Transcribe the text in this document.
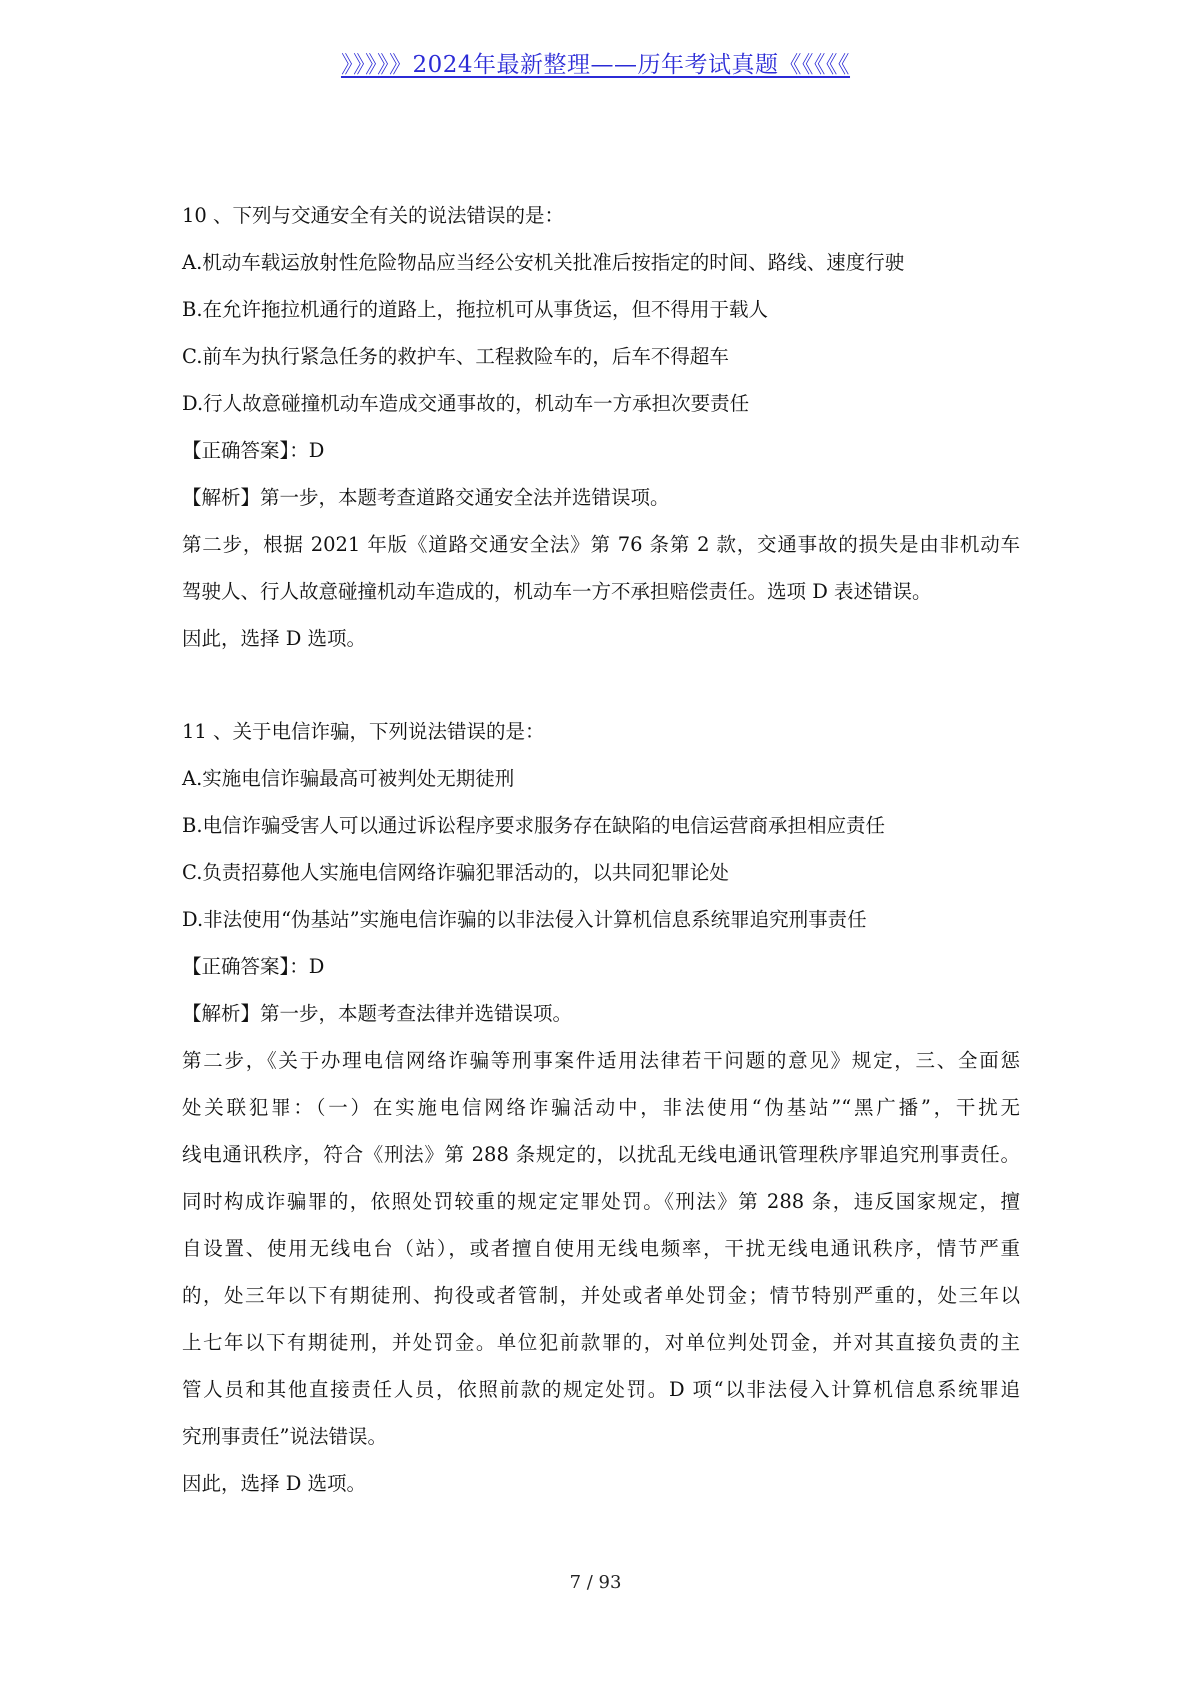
》》》》》2024年最新整理——历年考试真题《《《《《
10 、下列与交通安全有关的说法错误的是：
A.机动车载运放射性危险物品应当经公安机关批准后按指定的时间、路线、速度行驶
B.在允许拖拉机通行的道路上，拖拉机可从事货运，但不得用于载人
C.前车为执行紧急任务的救护车、工程救险车的，后车不得超车
D.行人故意碰撞机动车造成交通事故的，机动车一方承担次要责任
【正确答案】：D
【解析】第一步，本题考查道路交通安全法并选错误项。
第二步，根据 2021 年版《道路交通安全法》第 76 条第 2 款，交通事故的损失是由非机动车
驾驶人、行人故意碰撞机动车造成的，机动车一方不承担赔偿责任。选项 D 表述错误。
因此，选择 D 选项。
11 、关于电信诈骗，下列说法错误的是：
A.实施电信诈骗最高可被判处无期徒刑
B.电信诈骗受害人可以通过诉讼程序要求服务存在缺陷的电信运营商承担相应责任
C.负责招募他人实施电信网络诈骗犯罪活动的，以共同犯罪论处
D.非法使用“伪基站”实施电信诈骗的以非法侵入计算机信息系统罪追究刑事责任
【正确答案】：D
【解析】第一步，本题考查法律并选错误项。
第二步，《关于办理电信网络诈骗等刑事案件适用法律若干问题的意见》规定，三、全面惩
处关联犯罪：（一）在实施电信网络诈骗活动中，非法使用“伪基站”“黑广播”，干扰无
线电通讯秩序，符合《刑法》第 288 条规定的，以扰乱无线电通讯管理秩序罪追究刑事责任。
同时构成诈骗罪的，依照处罚较重的规定定罪处罚。《刑法》第 288 条，违反国家规定，擅
自设置、使用无线电台（站），或者擅自使用无线电频率，干扰无线电通讯秩序，情节严重
的，处三年以下有期徒刑、拘役或者管制，并处或者单处罚金；情节特别严重的，处三年以
上七年以下有期徒刑，并处罚金。单位犯前款罪的，对单位判处罚金，并对其直接负责的主
管人员和其他直接责任人员，依照前款的规定处罚。D 项“以非法侵入计算机信息系统罪追
究刑事责任”说法错误。
因此，选择 D 选项。
7 / 93
